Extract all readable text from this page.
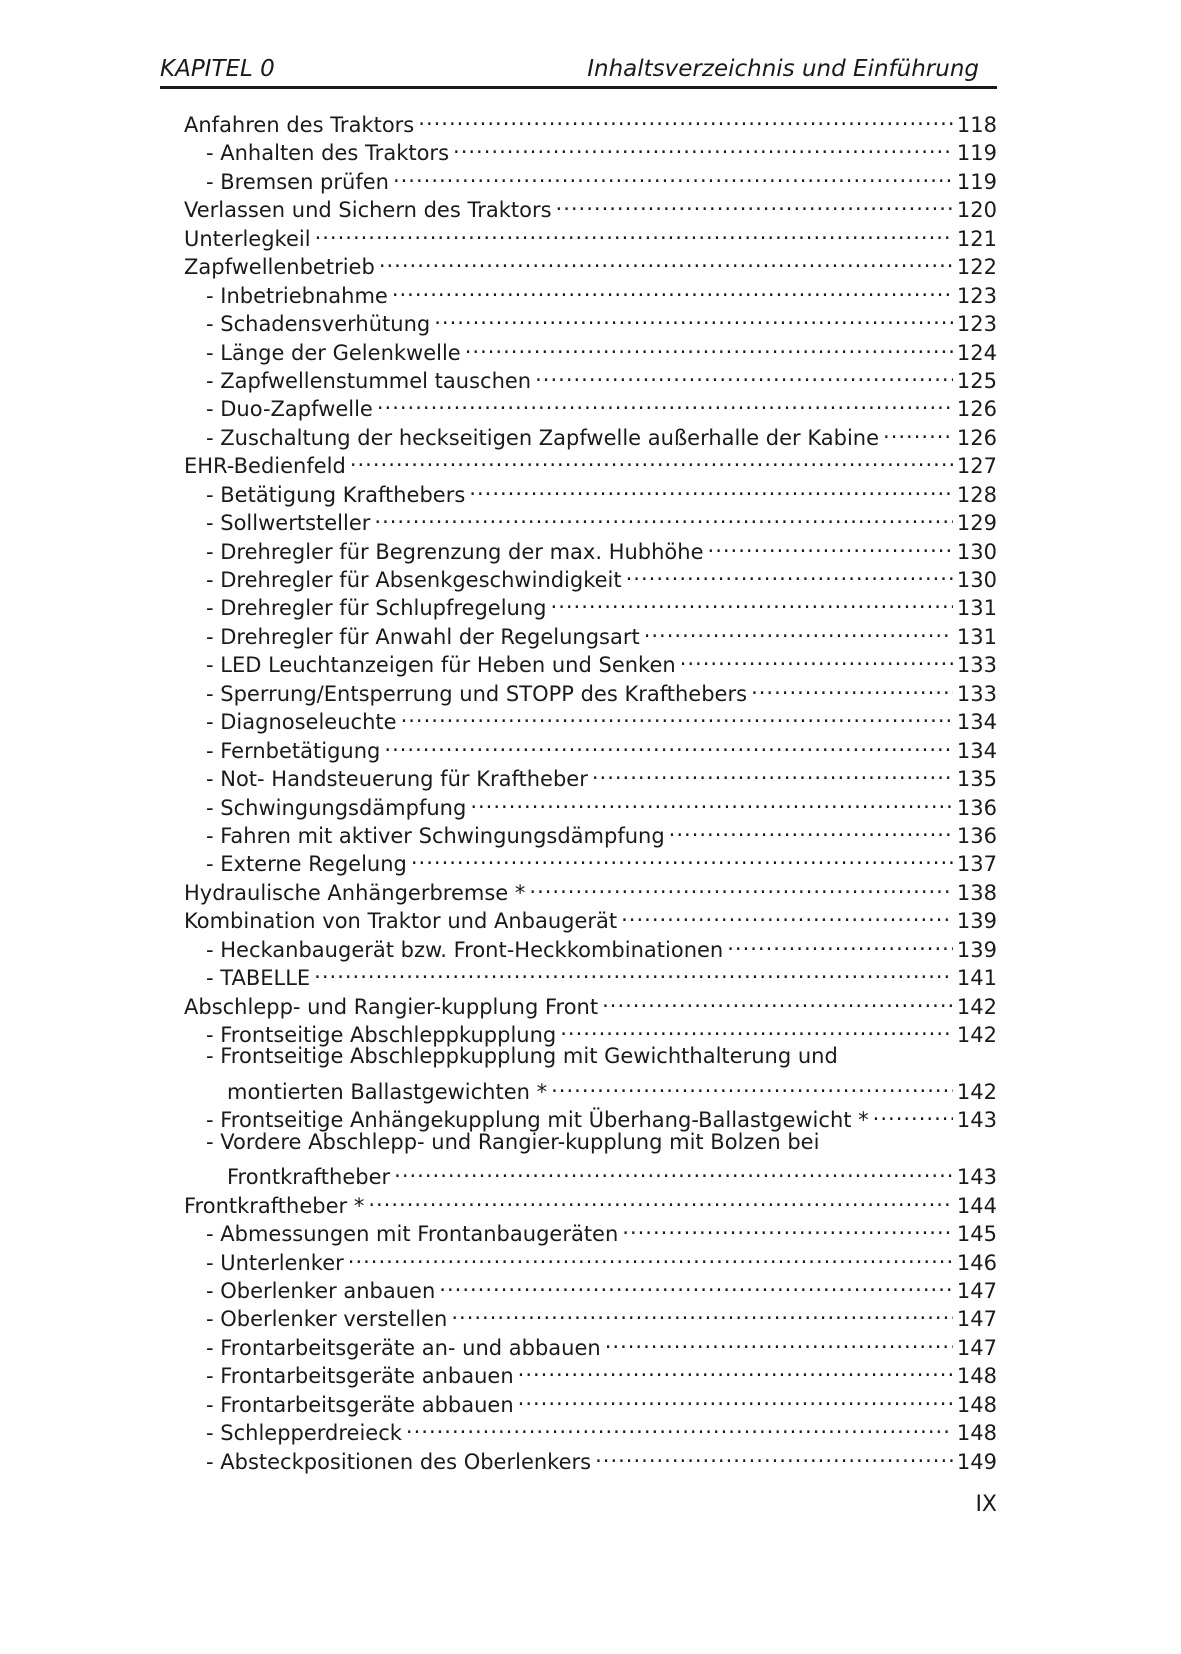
KAPITEL 0	Inhaltsverzeichnis und Einführung
Anfahren des Traktors .....	118
- Anhalten des Traktors .....	119
- Bremsen prüfen .....	119
Verlassen und Sichern des Traktors .....	120
Unterlegkeil .....	121
Zapfwellenbetrieb .....	122
- Inbetriebnahme .....	123
- Schadensverhütung .....	123
- Länge der Gelenkwelle .....	124
- Zapfwellenstummel tauschen .....	125
- Duo-Zapfwelle .....	126
- Zuschaltung der heckseitigen Zapfwelle außerhalle der Kabine .....	126
EHR-Bedienfeld .....	127
- Betätigung Krafthebers .....	128
- Sollwertsteller .....	129
- Drehregler für Begrenzung der max. Hubhöhe .....	130
- Drehregler für Absenkgeschwindigkeit .....	130
- Drehregler für Schlupfregelung .....	131
- Drehregler für Anwahl der Regelungsart .....	131
- LED Leuchtanzeigen für Heben und Senken .....	133
- Sperrung/Entsperrung und STOPP des Krafthebers .....	133
- Diagnoseleuchte .....	134
- Fernbetätigung .....	134
- Not- Handsteuerung für Kraftheber .....	135
- Schwingungsdämpfung .....	136
- Fahren mit aktiver Schwingungsdämpfung .....	136
- Externe Regelung .....	137
Hydraulische Anhängerbremse * .....	138
Kombination von Traktor und Anbaugerät .....	139
- Heckanbaugerät bzw. Front-Heckkombinationen .....	139
- TABELLE .....	141
Abschlepp- und Rangier-kupplung Front .....	142
- Frontseitige Abschleppkupplung .....	142
- Frontseitige Abschleppkupplung mit Gewichthalterung und
montierten Ballastgewichten * .....	142
- Frontseitige Anhängekupplung mit Überhang-Ballastgewicht * .....	143
- Vordere Abschlepp- und Rangier-kupplung mit Bolzen bei
Frontkraftheber .....	143
Frontkraftheber * .....	144
- Abmessungen mit Frontanbaugeräten .....	145
- Unterlenker .....	146
- Oberlenker anbauen .....	147
- Oberlenker verstellen .....	147
- Frontarbeitsgeräte an- und abbauen .....	147
- Frontarbeitsgeräte anbauen .....	148
- Frontarbeitsgeräte abbauen .....	148
- Schlepperdreieck .....	148
- Absteckpositionen des Oberlenkers .....	149
IX
